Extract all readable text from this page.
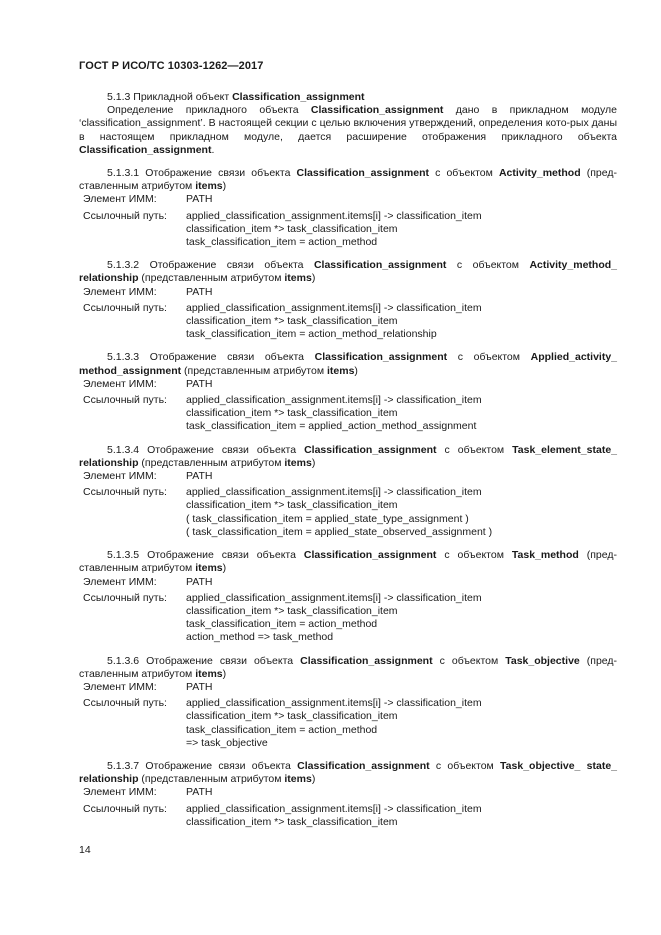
ГОСТ Р ИСО/ТС 10303-1262—2017

5.1.3 Прикладной объект Classification_assignment

Определение прикладного объекта Classification_assignment дано в прикладном модуле ‘classification_assignment’. В настоящей секции с целью включения утверждений, определения кото-рых даны в настоящем прикладном модуле, дается расширение отображения прикладного объекта Classification_assignment.

5.1.3.1 Отображение связи объекта Classification_assignment с объектом Activity_method (пред-ставленным атрибутом items)

Элемент ИММ:	PATH
Ссылочный путь:	applied_classification_assignment.items[i] -> classification_item
classification_item *> task_classification_item
task_classification_item = action_method

5.1.3.2 Отображение связи объекта Classification_assignment с объектом Activity_method_ relationship (представленным атрибутом items)

Элемент ИММ:	PATH
Ссылочный путь:	applied_classification_assignment.items[i] -> classification_item
classification_item *> task_classification_item
task_classification_item = action_method_relationship

5.1.3.3 Отображение связи объекта Classification_assignment с объектом Applied_activity_ method_assignment (представленным атрибутом items)

Элемент ИММ:	PATH
Ссылочный путь:	applied_classification_assignment.items[i] -> classification_item
classification_item *> task_classification_item
task_classification_item = applied_action_method_assignment

5.1.3.4 Отображение связи объекта Classification_assignment с объектом Task_element_state_ relationship (представленным атрибутом items)

Элемент ИММ:	PATH
Ссылочный путь:	applied_classification_assignment.items[i] -> classification_item
classification_item *> task_classification_item
( task_classification_item = applied_state_type_assignment )
( task_classification_item = applied_state_observed_assignment )

5.1.3.5 Отображение связи объекта Classification_assignment с объектом Task_method (пред-ставленным атрибутом items)

Элемент ИММ:	PATH
Ссылочный путь:	applied_classification_assignment.items[i] -> classification_item
classification_item *> task_classification_item
task_classification_item = action_method
action_method => task_method

5.1.3.6 Отображение связи объекта Classification_assignment с объектом Task_objective (пред-ставленным атрибутом items)

Элемент ИММ:	PATH
Ссылочный путь:	applied_classification_assignment.items[i] -> classification_item
classification_item *> task_classification_item
task_classification_item = action_method
=> task_objective

5.1.3.7 Отображение связи объекта Classification_assignment с объектом Task_objective_ state_ relationship (представленным атрибутом items)

Элемент ИММ:	PATH
Ссылочный путь:	applied_classification_assignment.items[i] -> classification_item
classification_item *> task_classification_item
14
